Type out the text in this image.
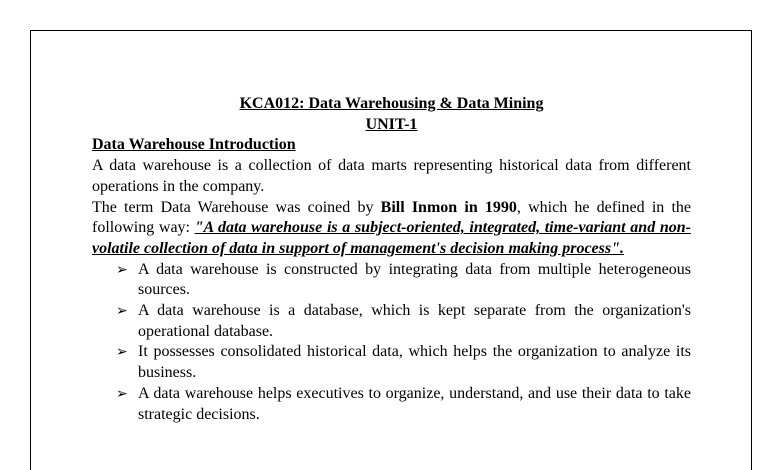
KCA012: Data Warehousing & Data Mining

UNIT-1

Data Warehouse Introduction

A data warehouse is a collection of data marts representing historical data from different operations in the company.

The term Data Warehouse was coined by Bill Inmon in 1990, which he defined in the following way: "A data warehouse is a subject-oriented, integrated, time-variant and non-volatile collection of data in support of management's decision making process".

➢ A data warehouse is constructed by integrating data from multiple heterogeneous sources.
➢ A data warehouse is a database, which is kept separate from the organization's operational database.
➢ It possesses consolidated historical data, which helps the organization to analyze its business.
➢ A data warehouse helps executives to organize, understand, and use their data to take strategic decisions.
